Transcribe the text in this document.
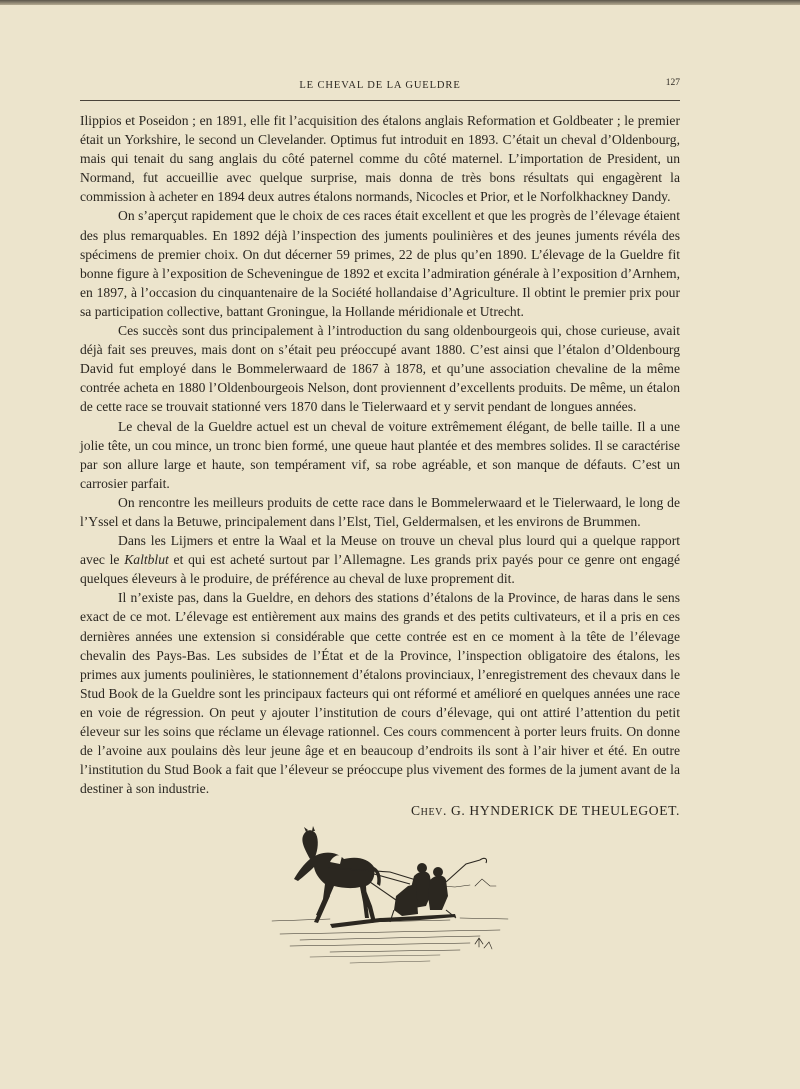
LE CHEVAL DE LA GUELDRE	127

Ilippios et Poseidon ; en 1891, elle fit l’acquisition des étalons anglais Reformation et Goldbeater ; le premier était un Yorkshire, le second un Clevelander. Optimus fut introduit en 1893. C’était un cheval d’Oldenbourg, mais qui tenait du sang anglais du côté paternel comme du côté maternel. L’importation de President, un Normand, fut accueillie avec quelque surprise, mais donna de très bons résultats qui engagèrent la commission à acheter en 1894 deux autres étalons normands, Nicocles et Prior, et le Norfolkhackney Dandy.

On s’aperçut rapidement que le choix de ces races était excellent et que les progrès de l’élevage étaient des plus remarquables. En 1892 déjà l’inspection des juments poulinières et des jeunes juments révéla des spécimens de premier choix. On dut décerner 59 primes, 22 de plus qu’en 1890. L’élevage de la Gueldre fit bonne figure à l’exposition de Scheveningue de 1892 et excita l’admiration générale à l’exposition d’Arnhem, en 1897, à l’occasion du cinquantenaire de la Société hollandaise d’Agriculture. Il obtint le premier prix pour sa participation collective, battant Groningue, la Hollande méridionale et Utrecht.

Ces succès sont dus principalement à l’introduction du sang oldenbourgeois qui, chose curieuse, avait déjà fait ses preuves, mais dont on s’était peu préoccupé avant 1880. C’est ainsi que l’étalon d’Oldenbourg David fut employé dans le Bommelerwaard de 1867 à 1878, et qu’une association chevaline de la même contrée acheta en 1880 l’Oldenbourgeois Nelson, dont proviennent d’excellents produits. De même, un étalon de cette race se trouvait stationné vers 1870 dans le Tielerwaard et y servit pendant de longues années.

Le cheval de la Gueldre actuel est un cheval de voiture extrêmement élégant, de belle taille. Il a une jolie tête, un cou mince, un tronc bien formé, une queue haut plantée et des membres solides. Il se caractérise par son allure large et haute, son tempérament vif, sa robe agréable, et son manque de défauts. C’est un carrosier parfait.

On rencontre les meilleurs produits de cette race dans le Bommelerwaard et le Tielerwaard, le long de l’Yssel et dans la Betuwe, principalement dans l’Elst, Tiel, Geldermalsen, et les environs de Brummen.

Dans les Lijmers et entre la Waal et la Meuse on trouve un cheval plus lourd qui a quelque rapport avec le Kaltblut et qui est acheté surtout par l’Allemagne. Les grands prix payés pour ce genre ont engagé quelques éleveurs à le produire, de préférence au cheval de luxe proprement dit.

Il n’existe pas, dans la Gueldre, en dehors des stations d’étalons de la Province, de haras dans le sens exact de ce mot. L’élevage est entièrement aux mains des grands et des petits cultivateurs, et il a pris en ces dernières années une extension si considérable que cette contrée est en ce moment à la tête de l’élevage chevalin des Pays-Bas. Les subsides de l’État et de la Province, l’inspection obligatoire des étalons, les primes aux juments poulinières, le stationnement d’étalons provinciaux, l’enregistrement des chevaux dans le Stud Book de la Gueldre sont les principaux facteurs qui ont réformé et amélioré en quelques années une race en voie de régression. On peut y ajouter l’institution de cours d’élevage, qui ont attiré l’attention du petit éleveur sur les soins que réclame un élevage rationnel. Ces cours commencent à porter leurs fruits. On donne de l’avoine aux poulains dès leur jeune âge et en beaucoup d’endroits ils sont à l’air hiver et été. En outre l’institution du Stud Book a fait que l’éleveur se préoccupe plus vivement des formes de la jument avant de la destiner à son industrie.

Chev. G. HYNDERICK DE THEULEGOET.
